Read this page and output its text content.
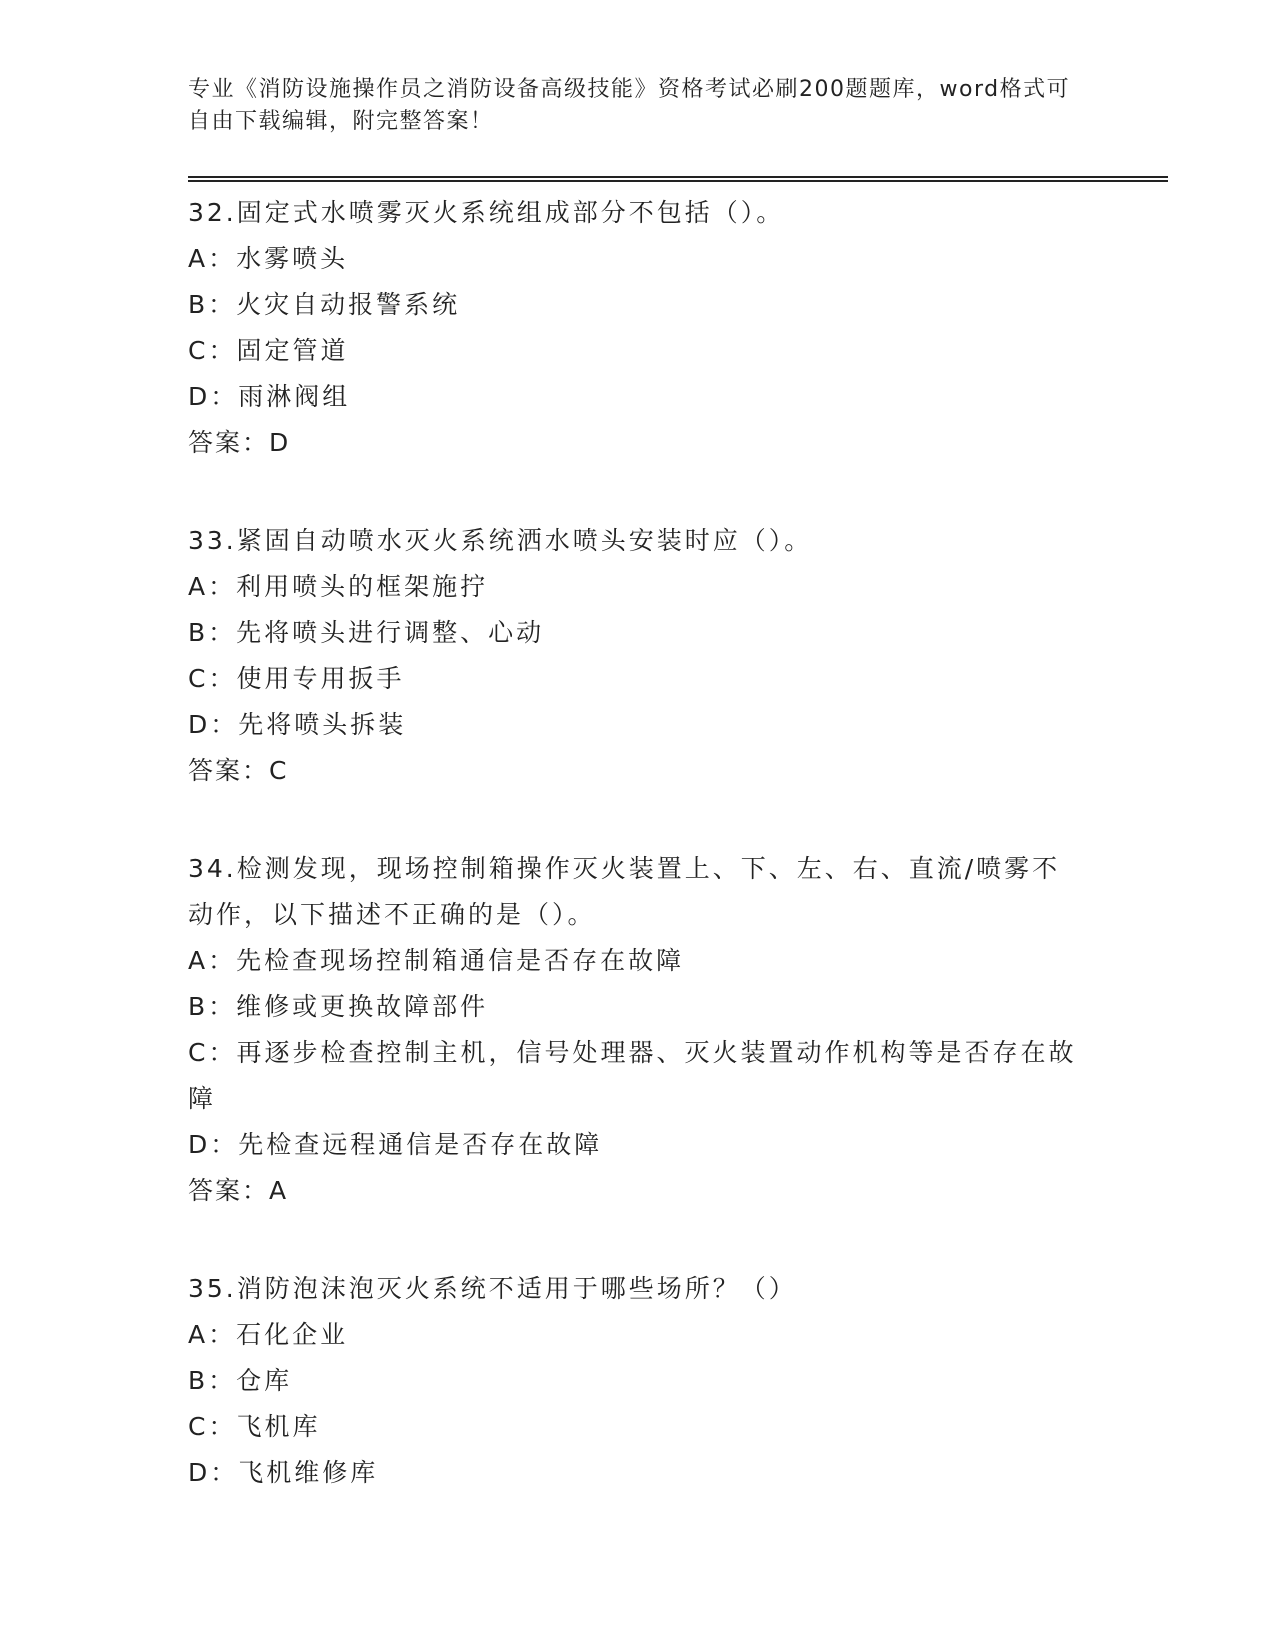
专业《消防设施操作员之消防设备高级技能》资格考试必刷200题题库，word格式可自由下载编辑，附完整答案！

32.固定式水喷雾灭火系统组成部分不包括（）。

A：水雾喷头

B：火灾自动报警系统

C：固定管道

D：雨淋阀组

答案：D

33.紧固自动喷水灭火系统洒水喷头安装时应（）。

A：利用喷头的框架施拧

B：先将喷头进行调整、心动

C：使用专用扳手

D：先将喷头拆装

答案：C

34.检测发现，现场控制箱操作灭火装置上、下、左、右、直流/喷雾不动作，以下描述不正确的是（）。

A：先检查现场控制箱通信是否存在故障

B：维修或更换故障部件

C：再逐步检查控制主机，信号处理器、灭火装置动作机构等是否存在故障

D：先检查远程通信是否存在故障

答案：A

35.消防泡沫泡灭火系统不适用于哪些场所？（）

A：石化企业

B：仓库

C：飞机库

D：飞机维修库
